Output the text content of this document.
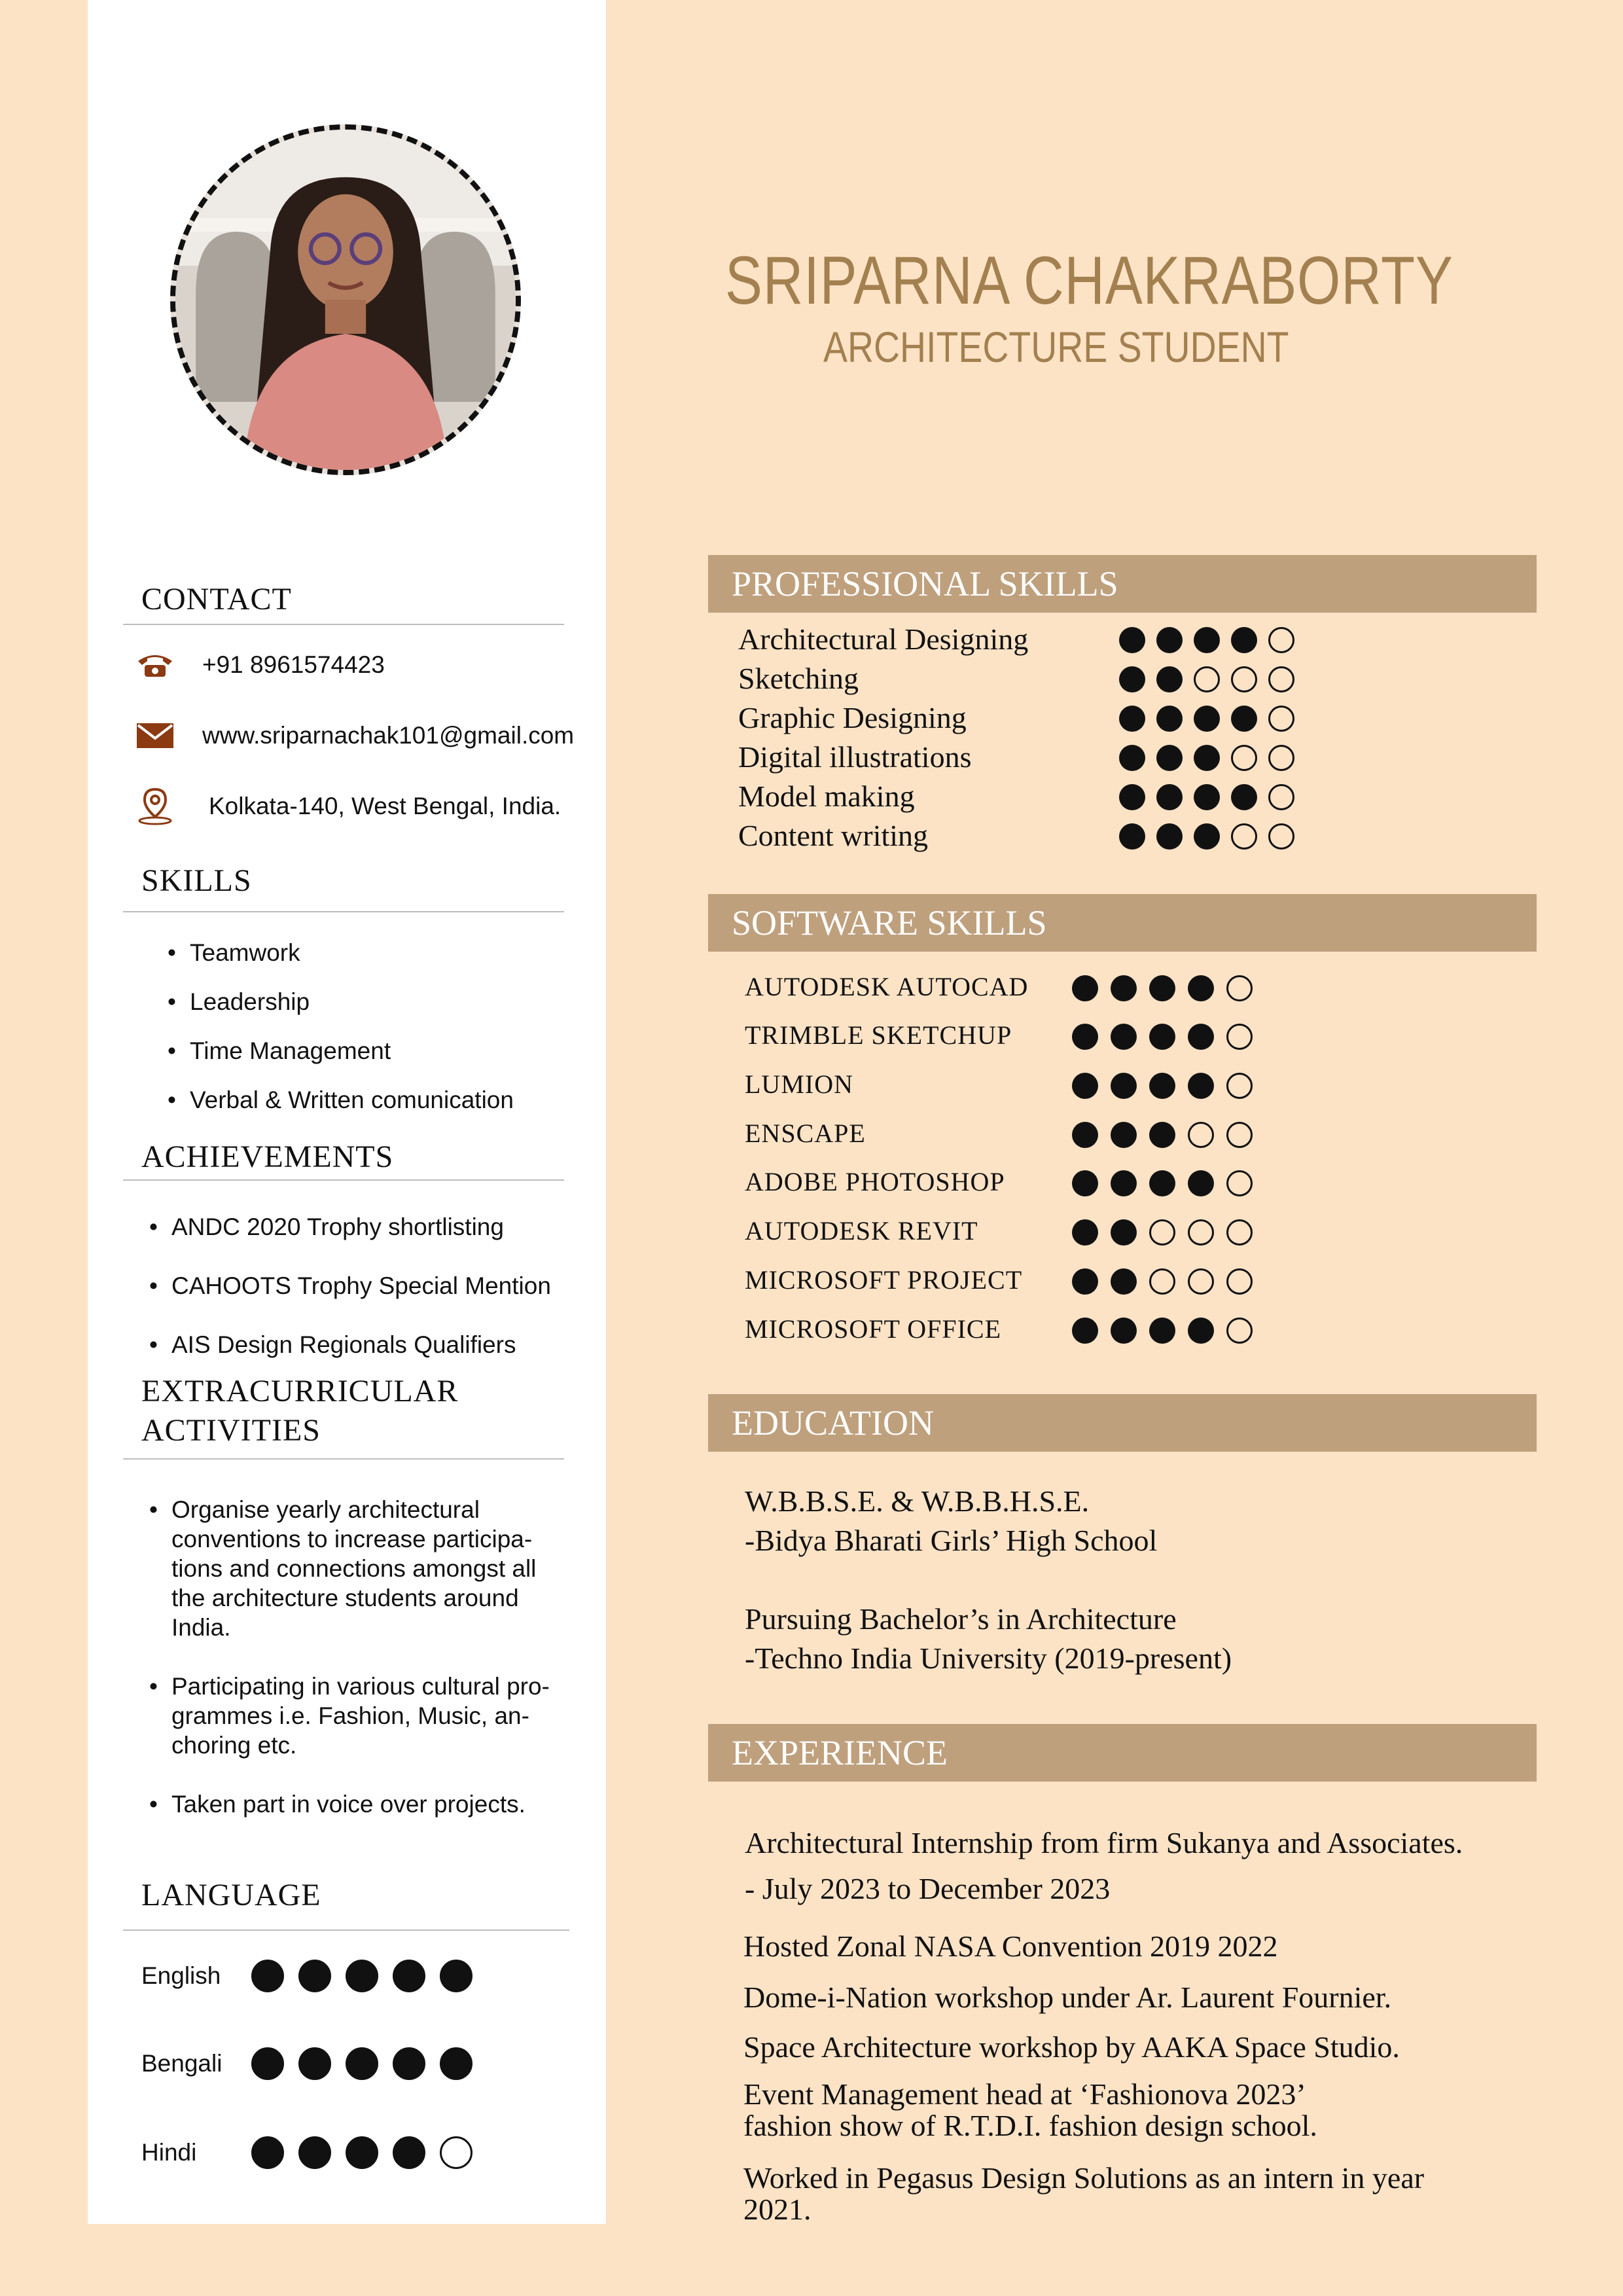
CONTACT
+91 8961574423
www.sriparnachak101@gmail.com
Kolkata-140, West Bengal, India.
SKILLS
• Teamwork
• Leadership
• Time Management
• Verbal & Written comunication
ACHIEVEMENTS
• ANDC 2020 Trophy shortlisting
• CAHOOTS Trophy Special Mention
• AIS Design Regionals Qualifiers
EXTRACURRICULAR
ACTIVITIES
• Organise yearly architectural
conventions to increase participa-
tions and connections amongst all
the architecture students around
India.
• Participating in various cultural pro-
grammes i.e. Fashion, Music, an-
choring etc.
• Taken part in voice over projects.
LANGUAGE
English
Bengali
Hindi
SRIPARNA CHAKRABORTY
ARCHITECTURE STUDENT
PROFESSIONAL SKILLS
Architectural Designing
Sketching
Graphic Designing
Digital illustrations
Model making
Content writing
SOFTWARE SKILLS
AUTODESK AUTOCAD
TRIMBLE SKETCHUP
LUMION
ENSCAPE
ADOBE PHOTOSHOP
AUTODESK REVIT
MICROSOFT PROJECT
MICROSOFT OFFICE
EDUCATION
W.B.B.S.E. & W.B.B.H.S.E.
-Bidya Bharati Girls’ High School
Pursuing Bachelor’s in Architecture
-Techno India University (2019-present)
EXPERIENCE
Architectural Internship from firm Sukanya and Associates.
- July 2023 to December 2023
Hosted Zonal NASA Convention 2019 2022
Dome-i-Nation workshop under Ar. Laurent Fournier.
Space Architecture workshop by AAKA Space Studio.
Event Management head at ‘Fashionova 2023’
fashion show of R.T.D.I. fashion design school.
Worked in Pegasus Design Solutions as an intern in year
2021.
